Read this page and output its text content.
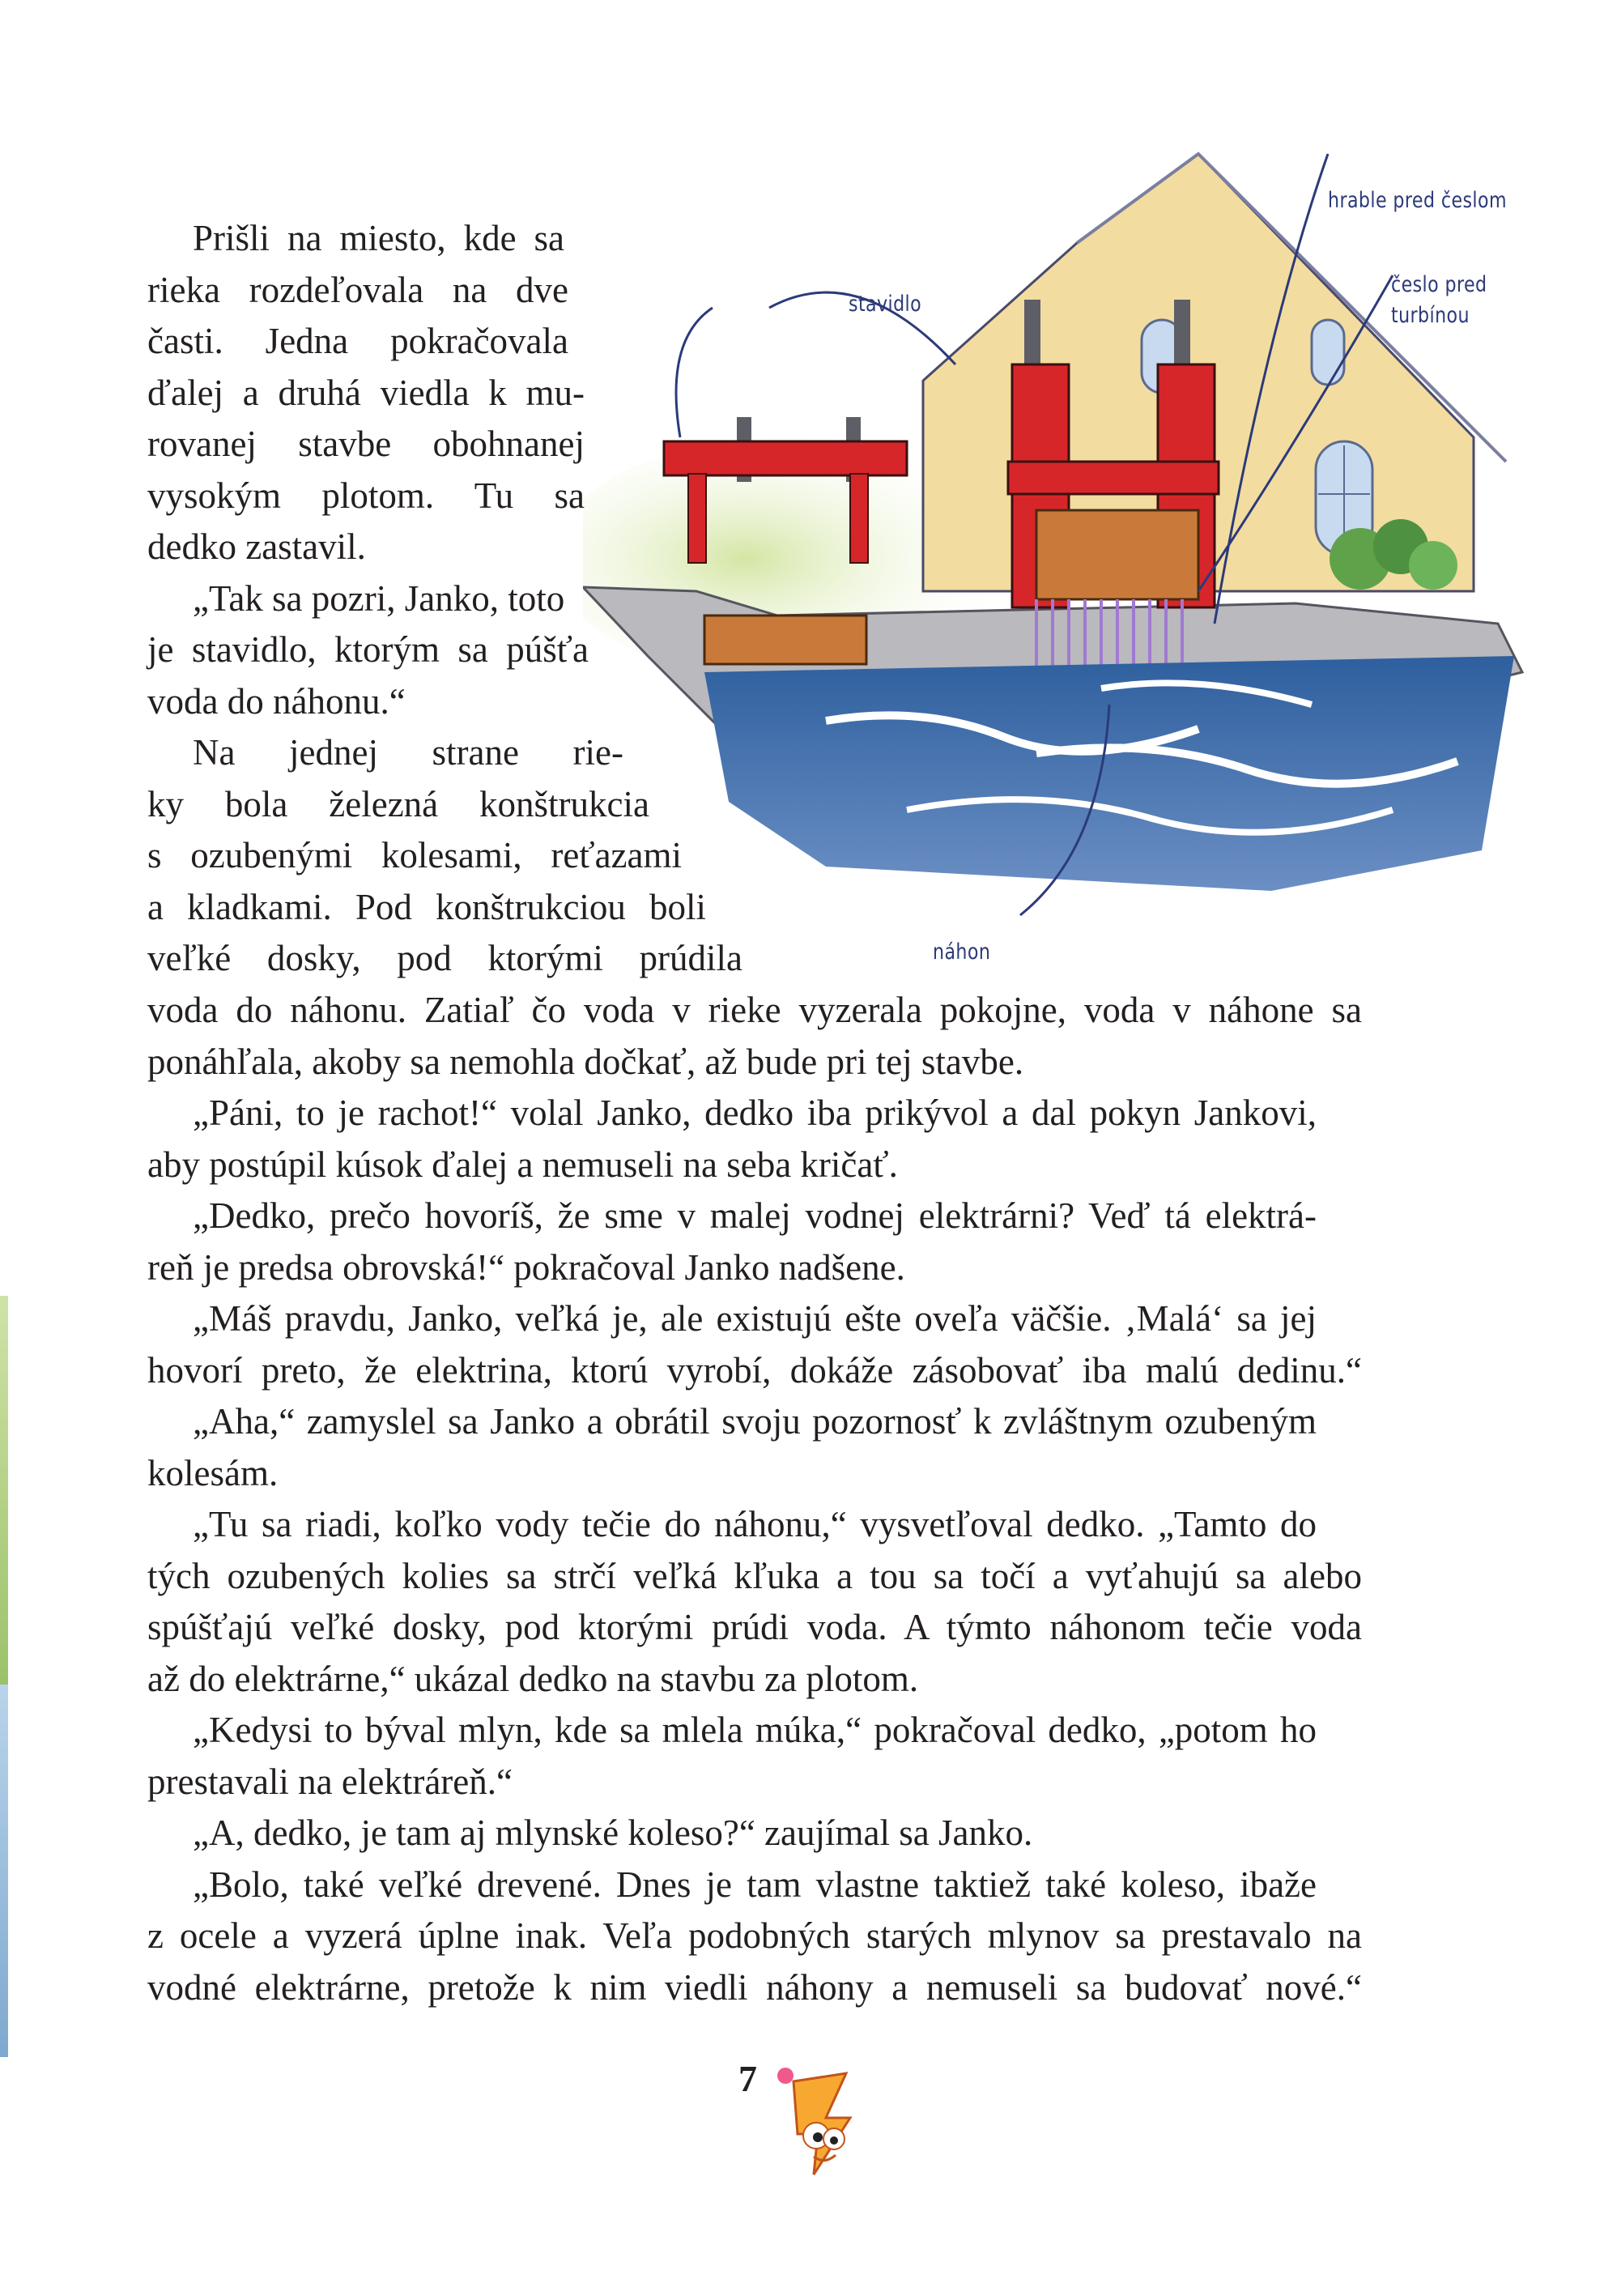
stavidlo
hrable pred česlom
česlo pred
turbínou
náhon
Prišli na miesto, kde sa
rieka rozdeľovala na dve
časti. Jedna pokračovala
ďalej a druhá viedla k mu-
rovanej stavbe obohnanej
vysokým plotom. Tu sa
dedko zastavil.
„Tak sa pozri, Janko, toto
je stavidlo, ktorým sa púšťa
voda do náhonu.“
Na jednej strane rie-
ky bola železná konštrukcia
s ozubenými kolesami, reťazami
a kladkami. Pod konštrukciou boli
veľké dosky, pod ktorými prúdila
voda do náhonu. Zatiaľ čo voda v rieke vyzerala pokojne, voda v náhone sa
ponáhľala, akoby sa nemohla dočkať, až bude pri tej stavbe.
„Páni, to je rachot!“ volal Janko, dedko iba prikývol a dal pokyn Jankovi,
aby postúpil kúsok ďalej a nemuseli na seba kričať.
„Dedko, prečo hovoríš, že sme v malej vodnej elektrárni? Veď tá elektrá-
reň je predsa obrovská!“ pokračoval Janko nadšene.
„Máš pravdu, Janko, veľká je, ale existujú ešte oveľa väčšie. ‚Malá‘ sa jej
hovorí preto, že elektrina, ktorú vyrobí, dokáže zásobovať iba malú dedinu.“
„Aha,“ zamyslel sa Janko a obrátil svoju pozornosť k zvláštnym ozubeným
kolesám.
„Tu sa riadi, koľko vody tečie do náhonu,“ vysvetľoval dedko. „Tamto do
tých ozubených kolies sa strčí veľká kľuka a tou sa točí a vyťahujú sa alebo
spúšťajú veľké dosky, pod ktorými prúdi voda. A týmto náhonom tečie voda
až do elektrárne,“ ukázal dedko na stavbu za plotom.
„Kedysi to býval mlyn, kde sa mlela múka,“ pokračoval dedko, „potom ho
prestavali na elektráreň.“
„A, dedko, je tam aj mlynské koleso?“ zaujímal sa Janko.
„Bolo, také veľké drevené. Dnes je tam vlastne taktiež také koleso, ibaže
z ocele a vyzerá úplne inak. Veľa podobných starých mlynov sa prestavalo na
vodné elektrárne, pretože k nim viedli náhony a nemuseli sa budovať nové.“
7
